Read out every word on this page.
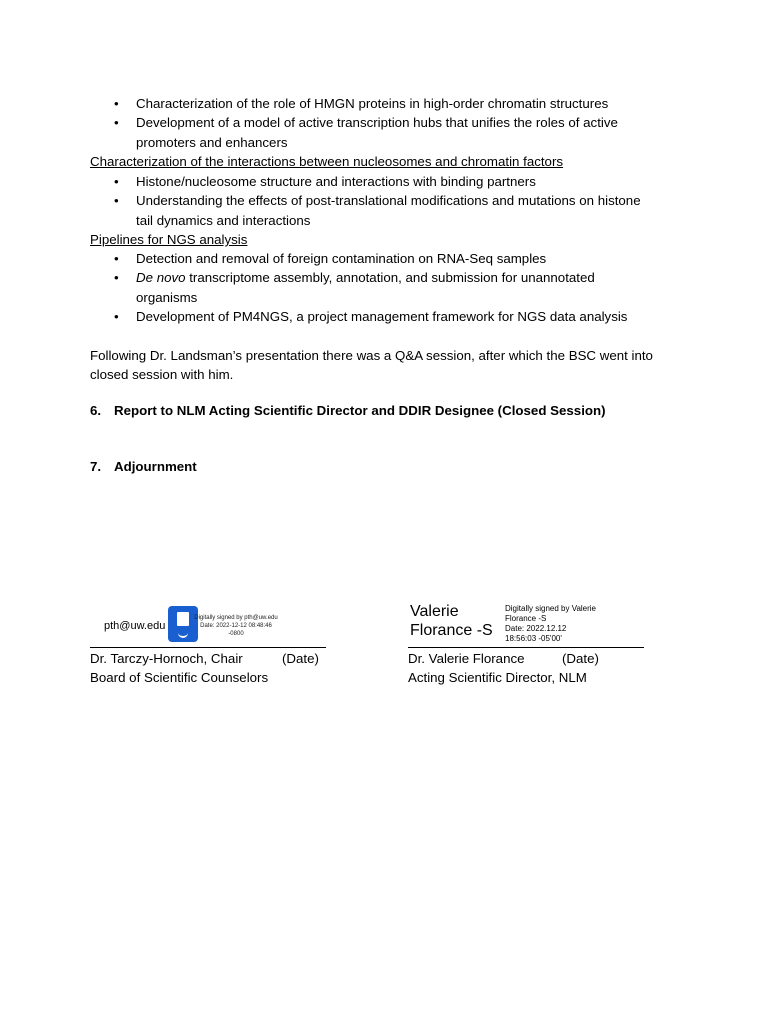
• Characterization of the role of HMGN proteins in high-order chromatin structures
• Development of a model of active transcription hubs that unifies the roles of active
promoters and enhancers
Characterization of the interactions between nucleosomes and chromatin factors
• Histone/nucleosome structure and interactions with binding partners
• Understanding the effects of post-translational modifications and mutations on histone
tail dynamics and interactions
Pipelines for NGS analysis
• Detection and removal of foreign contamination on RNA-Seq samples
• De novo transcriptome assembly, annotation, and submission for unannotated
organisms
• Development of PM4NGS, a project management framework for NGS data analysis
Following Dr. Landsman’s presentation there was a Q&A session, after which the BSC went into
closed session with him.
6. Report to NLM Acting Scientific Director and DDIR Designee (Closed Session)
7. Adjournment
pth@uw.edu
Digitally signed by pth@uw.edu
Date: 2022-12-12 08:48:46
-0800
Dr. Tarczy-Hornoch, Chair	(Date)
Board of Scientific Counselors
Valerie
Florance -S
Digitally signed by Valerie
Florance -S
Date: 2022.12.12
18:56:03 -05'00'
Dr. Valerie Florance	(Date)
Acting Scientific Director, NLM
